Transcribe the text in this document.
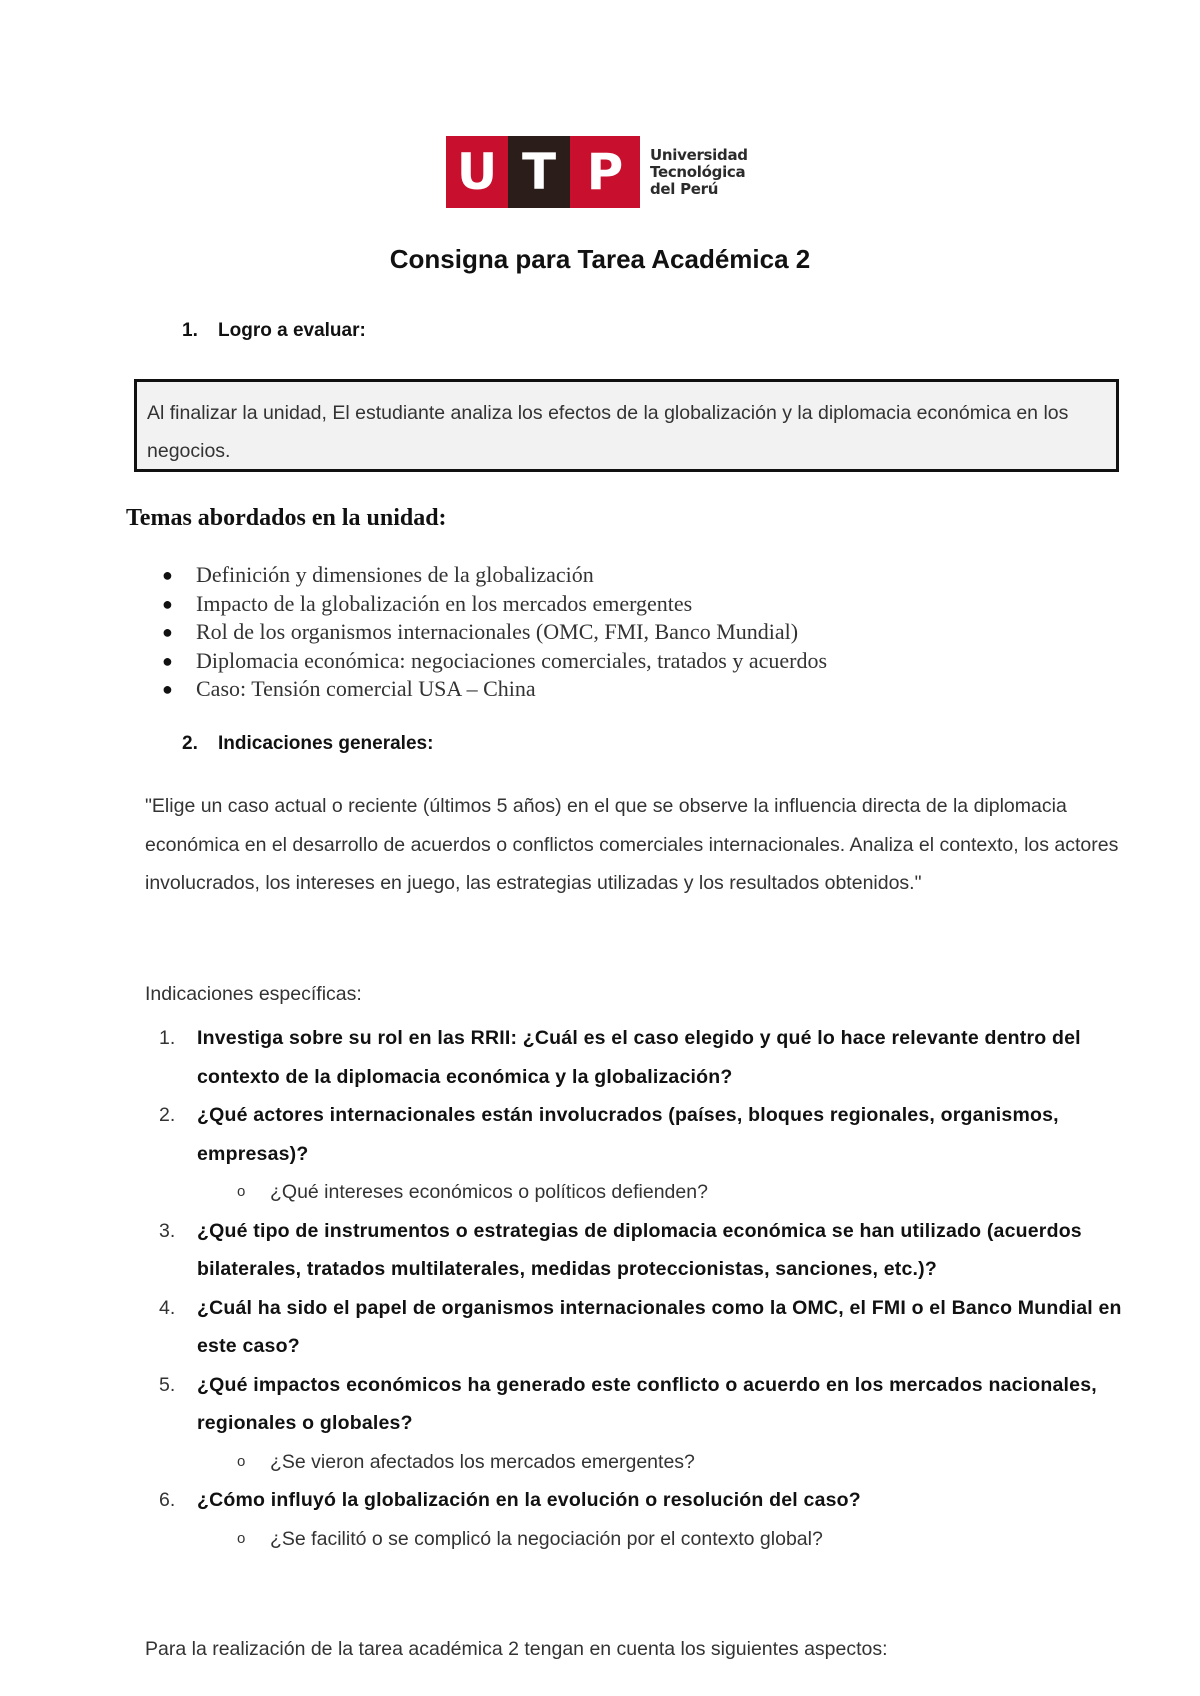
U T P	Universidad
Tecnológica
del Perú
Consigna para Tarea Académica 2
1. Logro a evaluar:
Al finalizar la unidad, El estudiante analiza los efectos de la globalización y la diplomacia económica en los negocios.
Temas abordados en la unidad:
● Definición y dimensiones de la globalización
● Impacto de la globalización en los mercados emergentes
● Rol de los organismos internacionales (OMC, FMI, Banco Mundial)
● Diplomacia económica: negociaciones comerciales, tratados y acuerdos
● Caso: Tensión comercial USA – China
2. Indicaciones generales:
"Elige un caso actual o reciente (últimos 5 años) en el que se observe la influencia directa de la diplomacia económica en el desarrollo de acuerdos o conflictos comerciales internacionales. Analiza el contexto, los actores involucrados, los intereses en juego, las estrategias utilizadas y los resultados obtenidos."
Indicaciones específicas:
1. Investiga sobre su rol en las RRII: ¿Cuál es el caso elegido y qué lo hace relevante dentro del contexto de la diplomacia económica y la globalización?
2. ¿Qué actores internacionales están involucrados (países, bloques regionales, organismos, empresas)?
o ¿Qué intereses económicos o políticos defienden?
3. ¿Qué tipo de instrumentos o estrategias de diplomacia económica se han utilizado (acuerdos bilaterales, tratados multilaterales, medidas proteccionistas, sanciones, etc.)?
4. ¿Cuál ha sido el papel de organismos internacionales como la OMC, el FMI o el Banco Mundial en este caso?
5. ¿Qué impactos económicos ha generado este conflicto o acuerdo en los mercados nacionales, regionales o globales?
o ¿Se vieron afectados los mercados emergentes?
6. ¿Cómo influyó la globalización en la evolución o resolución del caso?
o ¿Se facilitó o se complicó la negociación por el contexto global?
Para la realización de la tarea académica 2 tengan en cuenta los siguientes aspectos:
